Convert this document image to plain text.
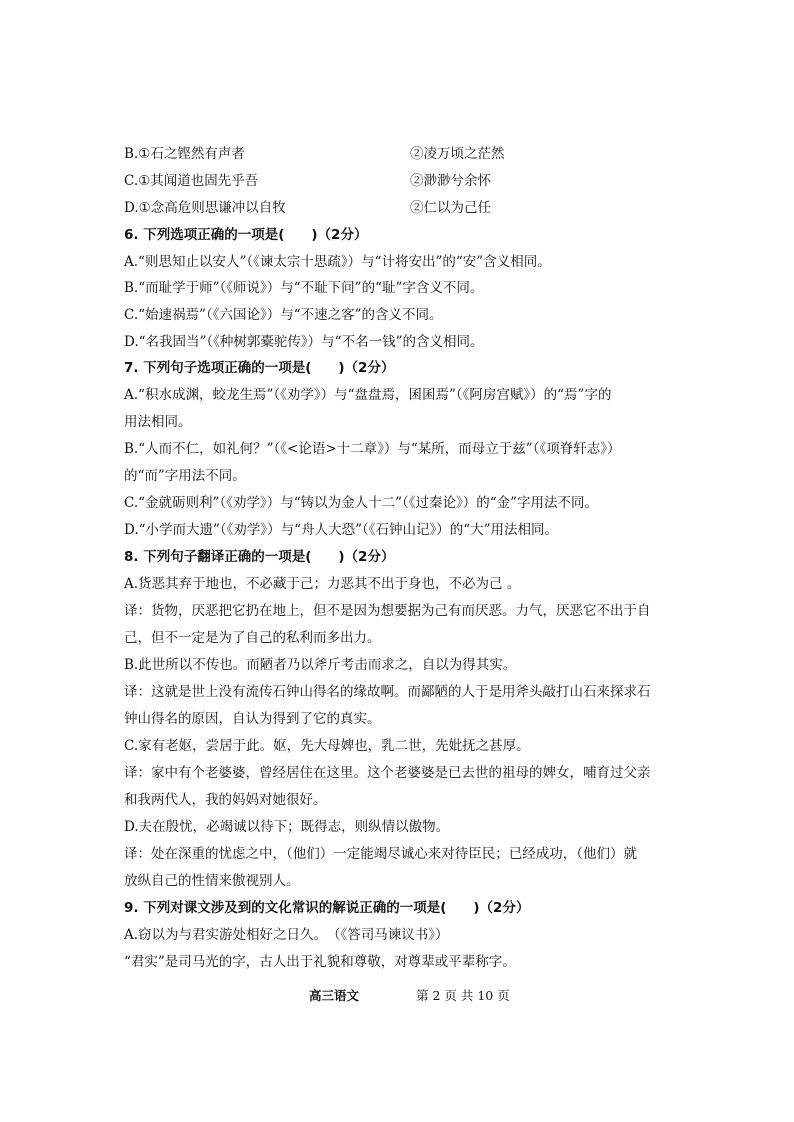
B.①石之铿然有声者	②凌万顷之茫然
C.①其闻道也固先乎吾	②渺渺兮余怀
D.①念高危则思谦冲以自牧	②仁以为己任
6. 下列选项正确的一项是(　　)（2分）
A.“则思知止以安人”（《谏太宗十思疏》）与“计将安出”的“安”含义相同。
B.“而耻学于师”（《师说》）与“不耻下问”的“耻”字含义不同。
C.“始速祸焉”（《六国论》）与“不速之客”的含义不同。
D.“名我固当”（《种树郭橐驼传》）与“不名一钱”的含义相同。
7. 下列句子选项正确的一项是(　　)（2分）
A.“积水成渊，蛟龙生焉”（《劝学》）与“盘盘焉，囷囷焉”（《阿房宫赋》）的“焉”字的
用法相同。
B.“人而不仁，如礼何？”（《<论语>十二章》）与“某所，而母立于兹”（《项脊轩志》）
的“而”字用法不同。
C.“金就砺则利”（《劝学》）与“铸以为金人十二”（《过秦论》）的“金”字用法不同。
D.“小学而大遗”（《劝学》）与“舟人大恐”（《石钟山记》）的“大”用法相同。
8. 下列句子翻译正确的一项是(　　)（2分）
A.货恶其弃于地也，不必藏于己；力恶其不出于身也，不必为己 。
译：货物，厌恶把它扔在地上，但不是因为想要据为己有而厌恶。力气，厌恶它不出于自
己，但不一定是为了自己的私利而多出力。
B.此世所以不传也。而陋者乃以斧斤考击而求之，自以为得其实。
译：这就是世上没有流传石钟山得名的缘故啊。而鄙陋的人于是用斧头敲打山石来探求石
钟山得名的原因，自认为得到了它的真实。
C.家有老妪，尝居于此。妪，先大母婢也，乳二世，先妣抚之甚厚。
译：家中有个老婆婆，曾经居住在这里。这个老婆婆是已去世的祖母的婢女，哺育过父亲
和我两代人，我的妈妈对她很好。
D.夫在殷忧，必竭诚以待下；既得志，则纵情以傲物。
译：处在深重的忧虑之中，（他们）一定能竭尽诚心来对待臣民；已经成功，（他们）就
放纵自己的性情来傲视别人。
9. 下列对课文涉及到的文化常识的解说正确的一项是(　　)（2分）
A.窃以为与君实游处相好之日久。　（《答司马谏议书》）
“君实”是司马光的字，古人出于礼貌和尊敬，对尊辈或平辈称字。
高三语文	第 2 页 共 10 页
